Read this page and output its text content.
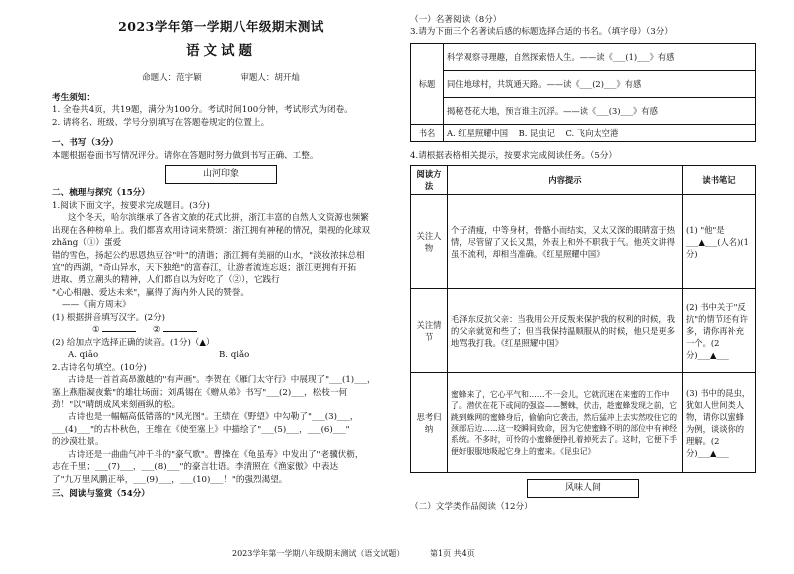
2023学年第一学期八年级期末测试
语文试题
命题人：范宇颖	审题人：胡开灿

考生须知：

1. 全卷共4页，共19题，满分为100分。考试时间100分钟，考试形式为闭卷。

2. 请将名、班级、学号分别填写在答题卷规定的位置上。

一、书写（3分）

本题根据卷面书写情况评分。请你在答题时努力做到书写正确、工整。

山河印象

二、梳理与探究（15分）

1.阅读下面文字，按要求完成题目。(3分)

这个冬天，哈尔滨继承了各省文旅的花式比拼，浙江丰富的自然人文资源也频繁

出现在各种榜单上。我们都喜欢用诗词来赞颂：浙江拥有神秘的情况，渠视的化球双 zhǎng（①）蛋爱

错的雪色，扬起公约思恩热豆谷"叶"的清谐；浙江拥有美丽的山水，"淡妆浓抹总相

宜"的西湖，"奇山异水，天下独绝"的富春江，让游者流连忘返；浙江更拥有开拓

进取、勇立潮头的精神，人们都自以为好吃了（②），它践行

"心心相融、爱达未来"，赢得了海内外人民的赞誉。

——《南方周末》

(1) 根据拼音填写汉字。(2分)

①	②

(2) 给加点字选择正确的读音。(1分)（▲）

A. qiāo	B. qiǎo

2.古诗名句填空。(10分)

古诗是一首首高昂激越的"有声画"。李贺在《雁门太守行》中展现了"___(1)___，

塞上燕脂凝夜紫"的雄壮场面；刘禹锡在《赠从弟》书写"___(2)___，松枝一何

劲！"以"晴朗成风来刻画纵的松。

古诗也是一幅幅高低错落的"风光图"。王绩在《野望》中勾勒了"___(3)___，

___(4)___"的古朴秋色，王维在《使至塞上》中描绘了"___(5)___，___(6)___"

的沙漠壮景。

古诗还是一曲曲气冲千斗的"豪气歌"。曹操在《龟虽寿》中发出了"老骥伏枥，

志在千里；___(7)___，___(8)___"的豪言壮语。李清照在《渔家傲》中表达

了"九万里风鹏正举，___(9)___，___(10)___！"的强烈渴望。

三、阅读与鉴赏（54分）

（一）名著阅读（8分）

3.请为下面三个名著读后感的标题选择合适的书名。（填字母）（3分）

标题	科学观察寻理趣，自然探索悟人生。——读《___(1)___》有感
	同住地球村，共筑通天路。——读《___(2)___》有感
	揭秘苍花大地，预言谁主沉浮。——读《___(3)___》有感
书名	A. 红星照耀中国 B. 昆虫记 C. 飞向太空港

4.请根据表格相关提示，按要求完成阅读任务。（5分）

阅读方法	内容提示	读书笔记
关注人物	个子清瘦，中等身材，骨骼小而结实，又太又深的眼睛富于热情，尽管留了又长又黑，外表上和外不职我于气。他英文讲得虽不流利，却相当准确。《红星照耀中国》	(1) "他"是___▲___(人名)(1分)
关注情节	毛泽东反抗父亲：当我用公开反叛来保护我的权利的时候，我的父亲就宽和些了；但当我保持温顺服从的时候，他只是更多地骂我打我。《红星照耀中国》	(2) 书中关于"反抗"的情节还有许多，请你再补充一个。(2分)___▲___
思考归纳	蜜蜂来了，它心平气和……不一会儿，它就沉迷在来蜜的工作中了。潜伏在花下或间的强盗——蟹蛛，伏击，趁蜜蜂发现之前，它跳到蛛网的蜜蜂身后，偷偷向它袭击，然后猛冲上去实然咬住它的颈部后边……这一咬瞬间致命，因为它使蜜蜂不明的部位中有神经系统。不多时，可怜的小蜜蜂便挣扎着掉死去了。这时，它便下手便好服服地吸起它身上的蜜来。《昆虫记》	(3) 书中的昆虫，犹如人世间类人物，请你以蜜蜂为例，谈谈你的理解。(2分)___▲___
风味人间

（二）文学类作品阅读（12分）

2023学年第一学期八年级期末测试（语文试题）	第1页 共4页
